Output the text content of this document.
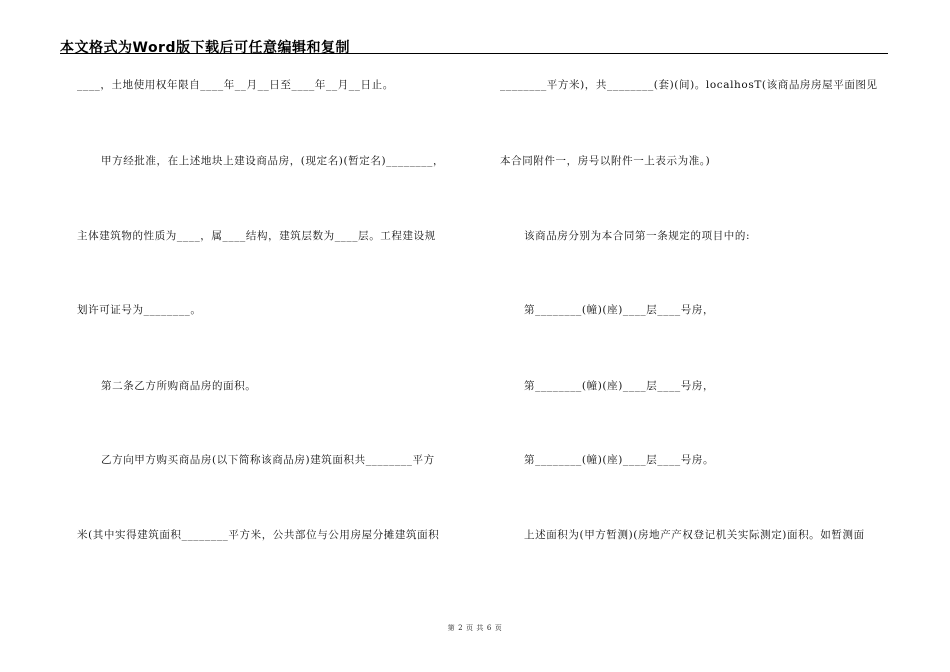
本文格式为Word版下载后可任意编辑和复制
____，土地使用权年限自____年__月__日至____年__月__日止。
甲方经批准，在上述地块上建设商品房，(现定名)(暂定名)________，
主体建筑物的性质为____，属____结构，建筑层数为____层。工程建设规
划许可证号为________。
第二条乙方所购商品房的面积。
乙方向甲方购买商品房(以下简称该商品房)建筑面积共________平方
米(其中实得建筑面积________平方米，公共部位与公用房屋分摊建筑面积
________平方米)，共________(套)(间)。localhosT(该商品房房屋平面图见
本合同附件一，房号以附件一上表示为准。)
该商品房分别为本合同第一条规定的项目中的:
第________(幢)(座)____层____号房，
第________(幢)(座)____层____号房，
第________(幢)(座)____层____号房。
上述面积为(甲方暂测)(房地产产权登记机关实际测定)面积。如暂测面
第 2 页 共 6 页
